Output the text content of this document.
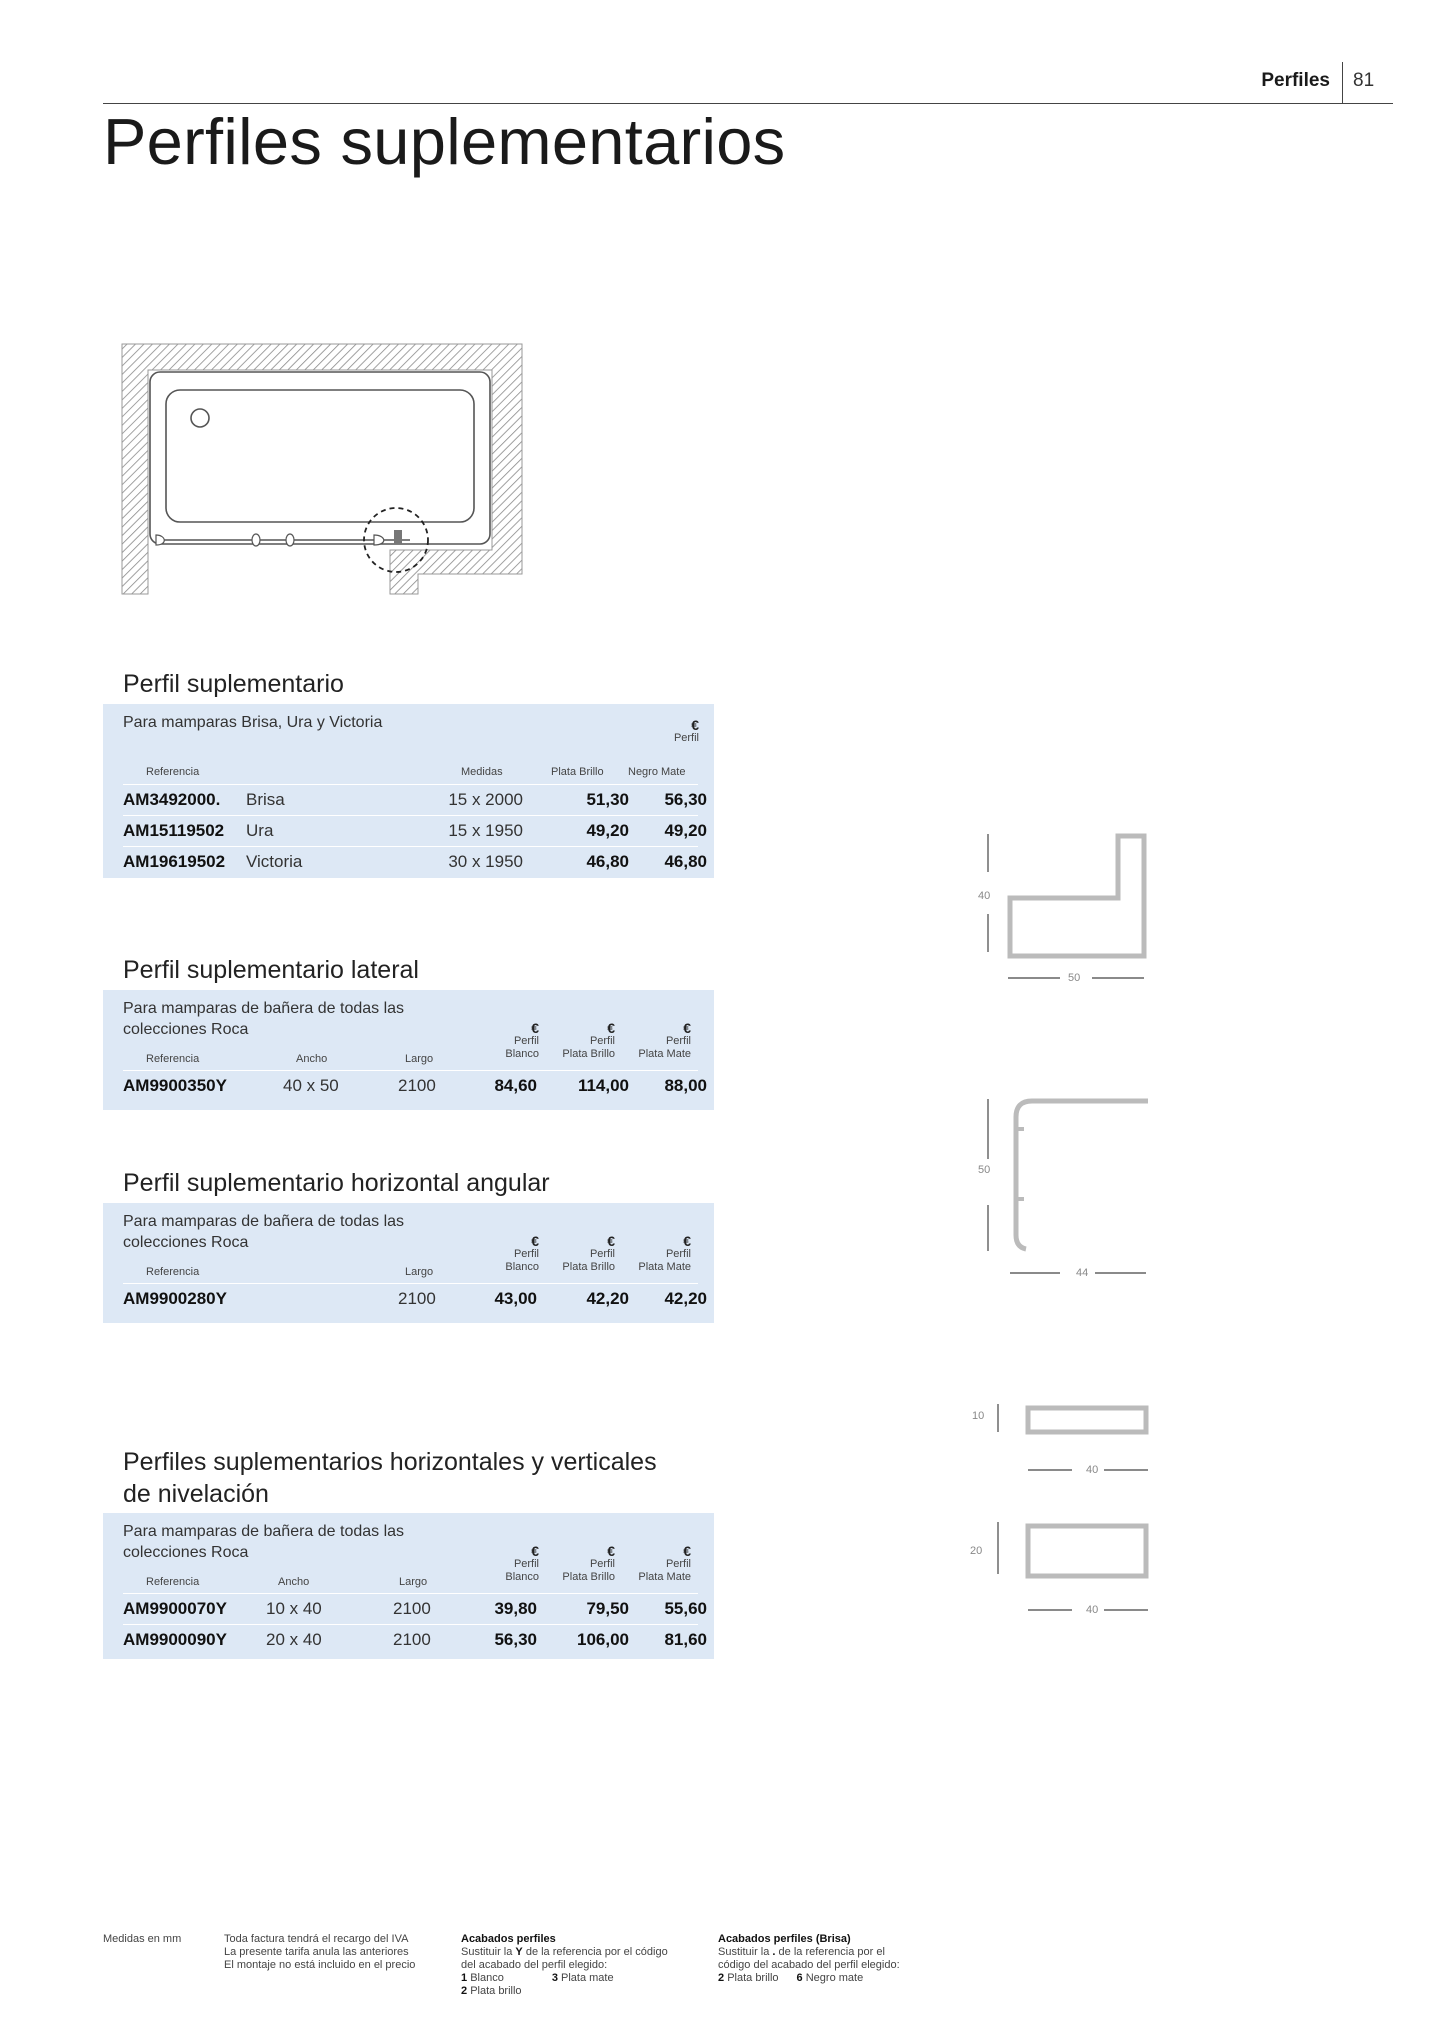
Perfiles 81
Perfiles suplementarios
Perfil suplementario
Para mamparas Brisa, Ura y Victoria	€
Perfil
Referencia	Medidas	Plata Brillo Negro Mate
AM3492000. Brisa	15 x 2000	51,30	56,30
AM15119502 Ura	15 x 1950	49,20	49,20
AM19619502 Victoria	30 x 1950	46,80	46,80
Perfil suplementario lateral
Para mamparas de bañera de todas las colecciones Roca	€
Perfil
Blanco
€
Perfil
Plata Brillo
€
Perfil
Plata Mate
Referencia	Ancho	Largo
AM9900350Y	40 x 50	2100	84,60	114,00	88,00
Perfil suplementario horizontal angular
Para mamparas de bañera de todas las colecciones Roca	€
Perfil
Blanco
€
Perfil
Plata Brillo
€
Perfil
Plata Mate
Referencia	Largo
AM9900280Y	2100	43,00	42,20	42,20
Perfiles suplementarios horizontales y verticales
de nivelación
Para mamparas de bañera de todas las colecciones Roca	€
Perfil
Blanco
€
Perfil
Plata Brillo
€
Perfil
Plata Mate
Referencia	Ancho	Largo
AM9900070Y 10 x 40	2100	39,80	79,50	55,60
AM9900090Y 20 x 40	2100	56,30	106,00	81,60
40
50
50
44
10
40
20
40
Medidas en mm	Toda factura tendrá el recargo del IVA
La presente tarifa anula las anteriores
El montaje no está incluido en el precio
Acabados perfiles
Sustituir la Y de la referencia por el código
del acabado del perfil elegido:
1 Blanco	3 Plata mate
2 Plata brillo
Acabados perfiles (Brisa)
Sustituir la . de la referencia por el
código del acabado del perfil elegido:
2 Plata brillo 6 Negro mate
